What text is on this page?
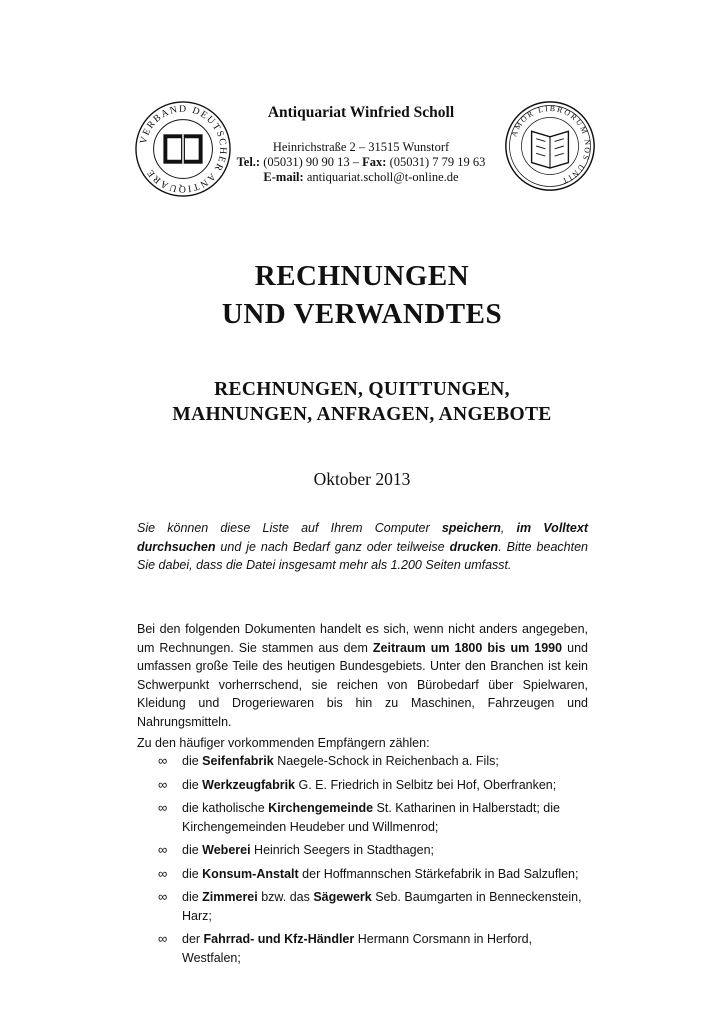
VERBAND DEUTSCHER ANTIQUARE

Antiquariat Winfried Scholl

Heinrichstraße 2 – 31515 Wunstorf

Tel.: (05031) 90 90 13 – Fax: (05031) 7 79 19 63

E-mail: antiquariat.scholl@t-online.de

AMOR LIBRORUM NOS UNIT
RECHNUNGEN
UND VERWANDTES
RECHNUNGEN, QUITTUNGEN,
MAHNUNGEN, ANFRAGEN, ANGEBOTE
Oktober 2013
Sie können diese Liste auf Ihrem Computer speichern, im Volltext durchsuchen und je nach Bedarf ganz oder teilweise drucken. Bitte beachten Sie dabei, dass die Datei insgesamt mehr als 1.200 Seiten umfasst.
Bei den folgenden Dokumenten handelt es sich, wenn nicht anders angegeben, um Rechnungen. Sie stammen aus dem Zeitraum um 1800 bis um 1990 und umfassen große Teile des heutigen Bundesgebiets. Unter den Branchen ist kein Schwerpunkt vorherrschend, sie reichen von Bürobedarf über Spielwaren, Kleidung und Drogeriewaren bis hin zu Maschinen, Fahrzeugen und Nahrungsmitteln.
Zu den häufiger vorkommenden Empfängern zählen:
∞ die Seifenfabrik Naegele-Schock in Reichenbach a. Fils;
∞ die Werkzeugfabrik G. E. Friedrich in Selbitz bei Hof, Oberfranken;
∞ die katholische Kirchengemeinde St. Katharinen in Halberstadt; die Kirchengemeinden Heudeber und Willmenrod;
∞ die Weberei Heinrich Seegers in Stadthagen;
∞ die Konsum-Anstalt der Hoffmannschen Stärkefabrik in Bad Salzuflen;
∞ die Zimmerei bzw. das Sägewerk Seb. Baumgarten in Benneckenstein, Harz;
∞ der Fahrrad- und Kfz-Händler Hermann Corsmann in Herford, Westfalen;
